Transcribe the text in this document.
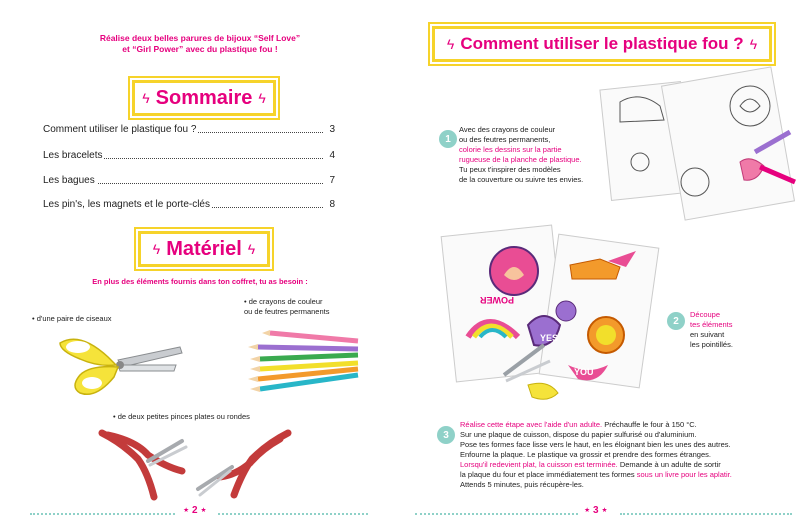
Réalise deux belles parures de bijoux “Self Love”
et “Girl Power” avec du plastique fou !
ϟ Sommaire ϟ
Comment utiliser le plastique fou ?	3
Les bracelets	4
Les bagues	7
Les pin's, les magnets et le porte-clés	8
ϟ Matériel ϟ
En plus des éléments fournis dans ton coffret, tu as besoin :
• d'une paire de ciseaux
• de crayons de couleur
ou de feutres permanents
• de deux petites pinces plates ou rondes
⋆ 2 ⋆
ϟ Comment utiliser le plastique fou ? ϟ
1
Avec des crayons de couleur
ou des feutres permanents,
colorie les dessins sur la partie
rugueuse de la planche de plastique.
Tu peux t'inspirer des modèles
de la couverture ou suivre tes envies.
POWER
YES
YOU
2
Découpe
tes éléments
en suivant
les pointillés.
3
Réalise cette étape avec l'aide d'un adulte. Préchauffe le four à 150 °C.
Sur une plaque de cuisson, dispose du papier sulfurisé ou d'aluminium.
Pose tes formes face lisse vers le haut, en les éloignant bien les unes des autres.
Enfourne la plaque. Le plastique va grossir et prendre des formes étranges.
Lorsqu'il redevient plat, la cuisson est terminée. Demande à un adulte de sortir
la plaque du four et place immédiatement tes formes sous un livre pour les aplatir.
Attends 5 minutes, puis récupère-les.
⋆ 3 ⋆
